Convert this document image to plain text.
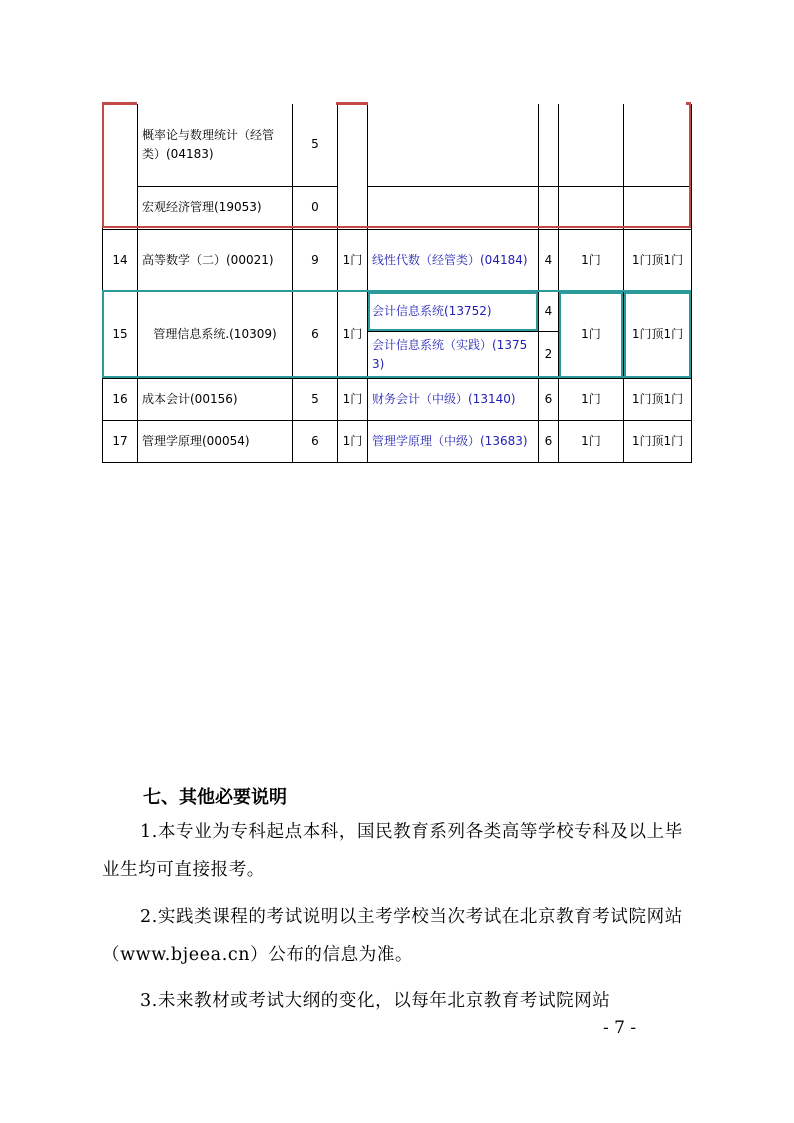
	概率论与数理统计（经管类）(04183)	5					
	宏观经济管理(19053)	0					
14	高等数学（二）(00021)	9	1门	线性代数（经管类）(04184)	4	1门	1门顶1门
15	管理信息系统.(10309)	6	1门	会计信息系统(13752)	4	1门	1门顶1门
				会计信息系统（实践）(13753)	2		
16	成本会计(00156)	5	1门	财务会计（中级）(13140)	6	1门	1门顶1门
17	管理学原理(00054)	6	1门	管理学原理（中级）(13683)	6	1门	1门顶1门
七、其他必要说明

1.本专业为专科起点本科，国民教育系列各类高等学校专科及以上毕业生均可直接报考。

2.实践类课程的考试说明以主考学校当次考试在北京教育考试院网站（www.bjeea.cn）公布的信息为准。

3.未来教材或考试大纲的变化，以每年北京教育考试院网站

- 7 -
